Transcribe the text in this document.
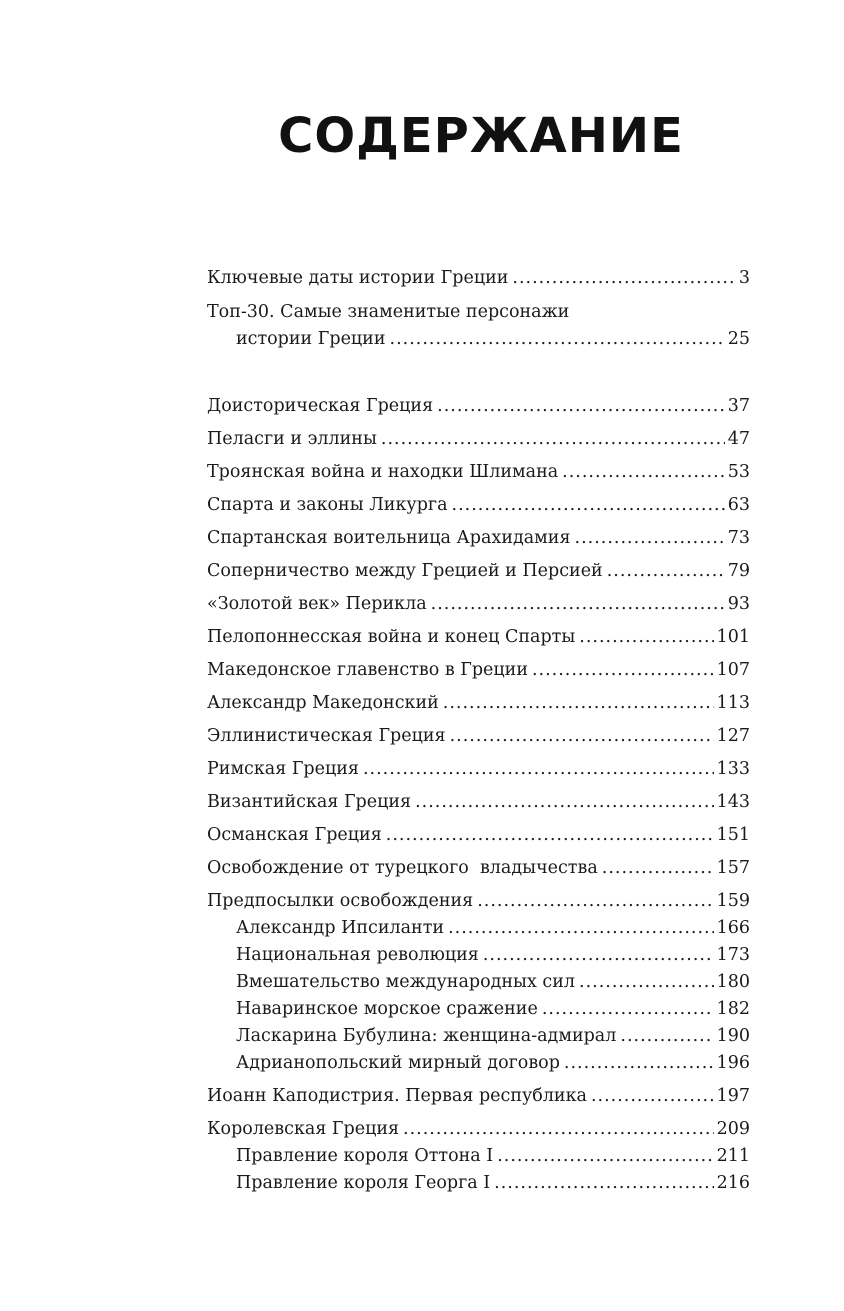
СОДЕРЖАНИЕ
Ключевые даты истории Греции .....	3
Топ-30. Самые знаменитые персонажи
истории Греции .....	25
Доисторическая Греция .....	37
Пеласги и эллины .....	47
Троянская война и находки Шлимана .....	53
Спарта и законы Ликурга .....	63
Спартанская воительница Арахидамия .....	73
Соперничество между Грецией и Персией .....	79
«Золотой век» Перикла .....	93
Пелопоннесская война и конец Спарты .....	101
Македонское главенство в Греции .....	107
Александр Македонский .....	113
Эллинистическая Греция .....	127
Римская Греция .....	133
Византийская Греция .....	143
Османская Греция .....	151
Освобождение от турецкого  владычества .....	157
Предпосылки освобождения .....	159
Александр Ипсиланти .....	166
Национальная революция .....	173
Вмешательство международных сил .....	180
Наваринское морское сражение .....	182
Ласкарина Бубулина: женщина-адмирал .....	190
Адрианопольский мирный договор .....	196
Иоанн Каподистрия. Первая республика .....	197
Королевская Греция .....	209
Правление короля Оттона I .....	211
Правление короля Георга I .....	216
